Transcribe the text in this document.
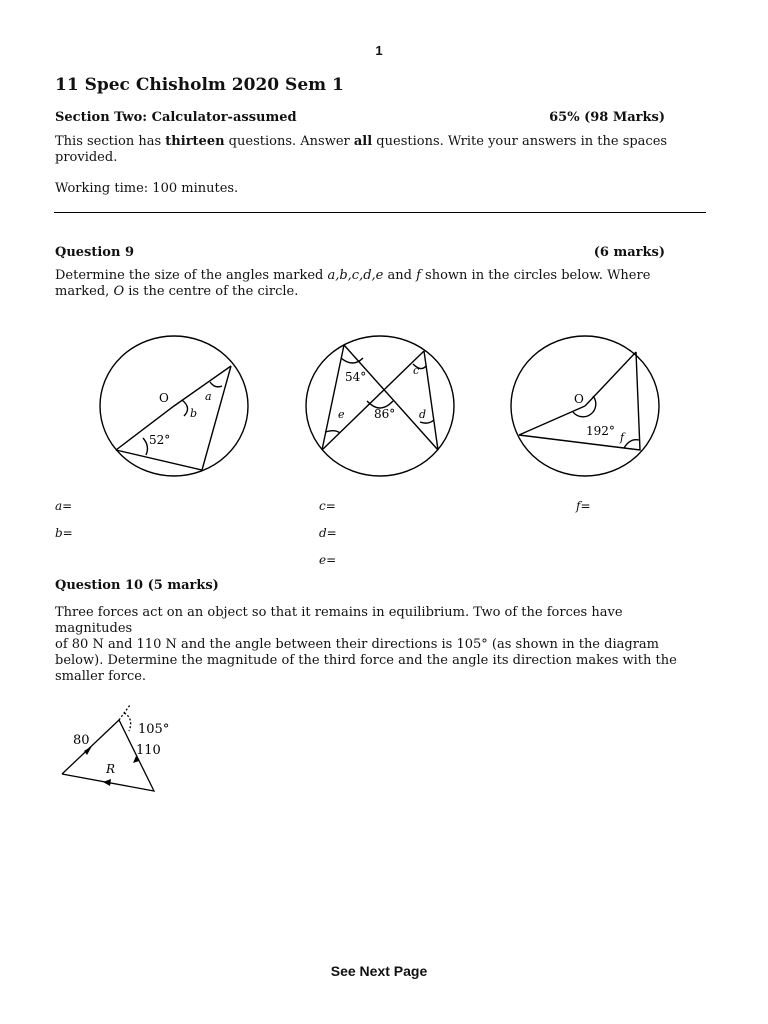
1
11 Spec Chisholm 2020 Sem 1
Section Two: Calculator-assumed	65% (98 Marks)
This section has thirteen questions. Answer all questions. Write your answers in the spaces provided.
Working time: 100 minutes.
Question 9	(6 marks)
Determine the size of the angles marked a,b,c,d,e and f shown in the circles below. Where
marked, O is the centre of the circle.
O	a
b
52°
54°	c
e 86° d
O
192° f
a=
b=
c=
d=
e=
f=
Question 10 (5 marks)
Three forces act on an object so that it remains in equilibrium. Two of the forces have
magnitudes
of 80 N and 110 N and the angle between their directions is 105° (as shown in the diagram
below). Determine the magnitude of the third force and the angle its direction makes with the
smaller force.
80
105°
110
R
See Next Page
